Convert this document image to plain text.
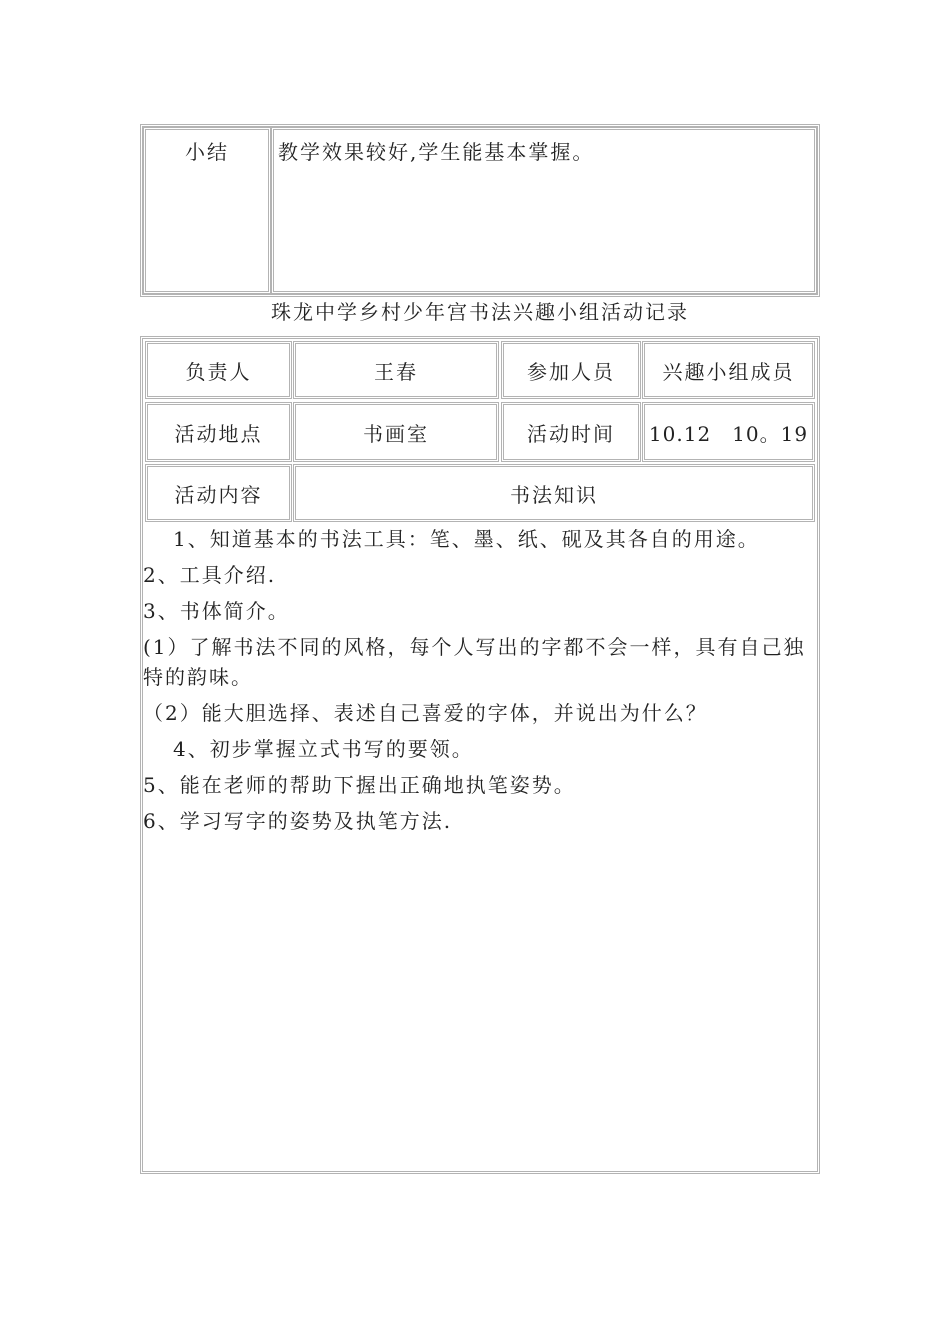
小结	教学效果较好,学生能基本掌握。
珠龙中学乡村少年宫书法兴趣小组活动记录
负责人	王春	参加人员	兴趣小组成员
活动地点	书画室	活动时间	10.12　10。19
活动内容	书法知识

1、知道基本的书法工具：笔、墨、纸、砚及其各自的用途。

2、工具介绍.

3、书体简介。

(1）了解书法不同的风格，每个人写出的字都不会一样，具有自己独特的韵味。

（2）能大胆选择、表述自己喜爱的字体，并说出为什么？

4、初步掌握立式书写的要领。

5、能在老师的帮助下握出正确地执笔姿势。

6、学习写字的姿势及执笔方法.
